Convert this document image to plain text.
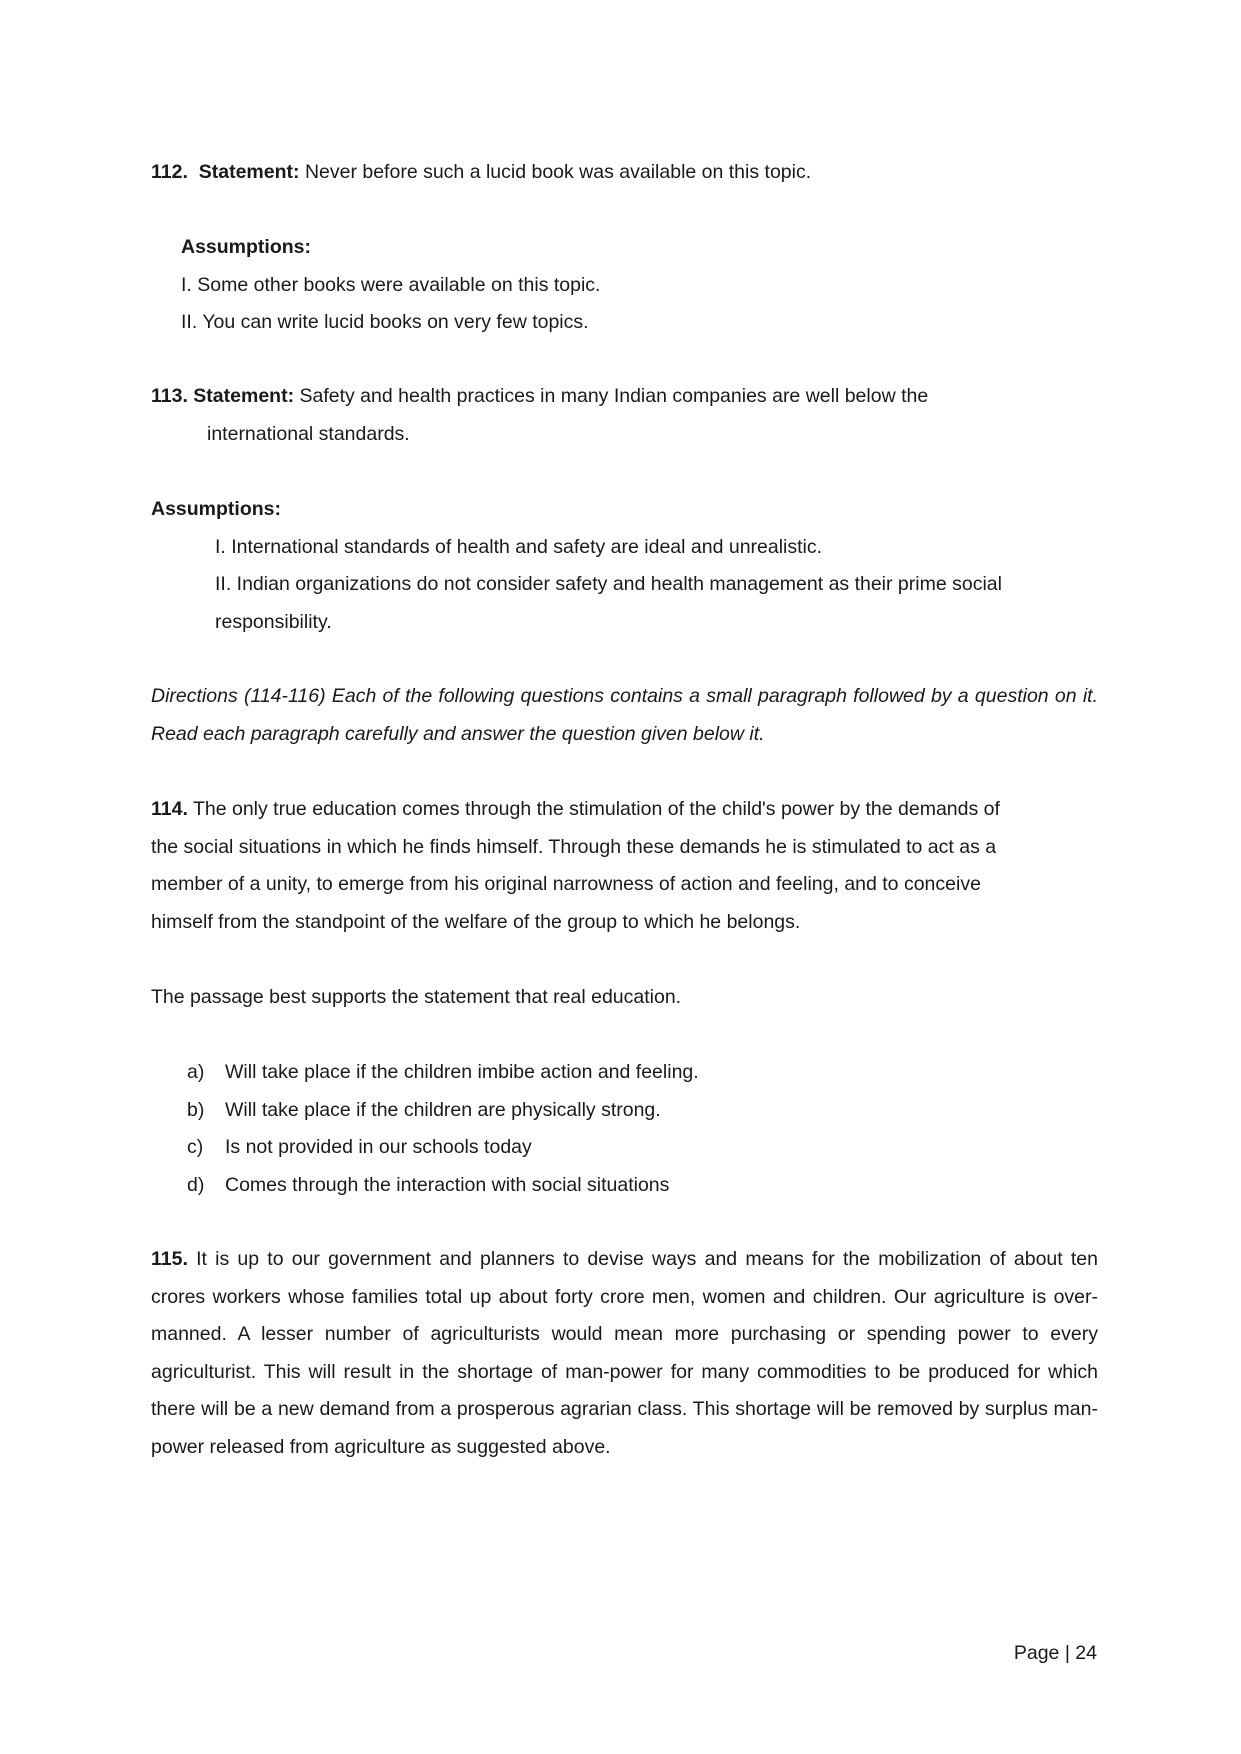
112. Statement: Never before such a lucid book was available on this topic.

Assumptions:

I. Some other books were available on this topic.

II. You can write lucid books on very few topics.

113. Statement: Safety and health practices in many Indian companies are well below the

international standards.

Assumptions:

I. International standards of health and safety are ideal and unrealistic.

II. Indian organizations do not consider safety and health management as their prime social

responsibility.

Directions (114-116) Each of the following questions contains a small paragraph followed by a question on it. Read each paragraph carefully and answer the question given below it.

114. The only true education comes through the stimulation of the child's power by the demands of

the social situations in which he finds himself. Through these demands he is stimulated to act as a

member of a unity, to emerge from his original narrowness of action and feeling, and to conceive

himself from the standpoint of the welfare of the group to which he belongs.

The passage best supports the statement that real education.

a) Will take place if the children imbibe action and feeling.

b) Will take place if the children are physically strong.

c) Is not provided in our schools today

d) Comes through the interaction with social situations

115. It is up to our government and planners to devise ways and means for the mobilization of about ten crores workers whose families total up about forty crore men, women and children. Our agriculture is over-manned. A lesser number of agriculturists would mean more purchasing or spending power to every agriculturist. This will result in the shortage of man-power for many commodities to be produced for which there will be a new demand from a prosperous agrarian class. This shortage will be removed by surplus man-power released from agriculture as suggested above.

Page | 24
